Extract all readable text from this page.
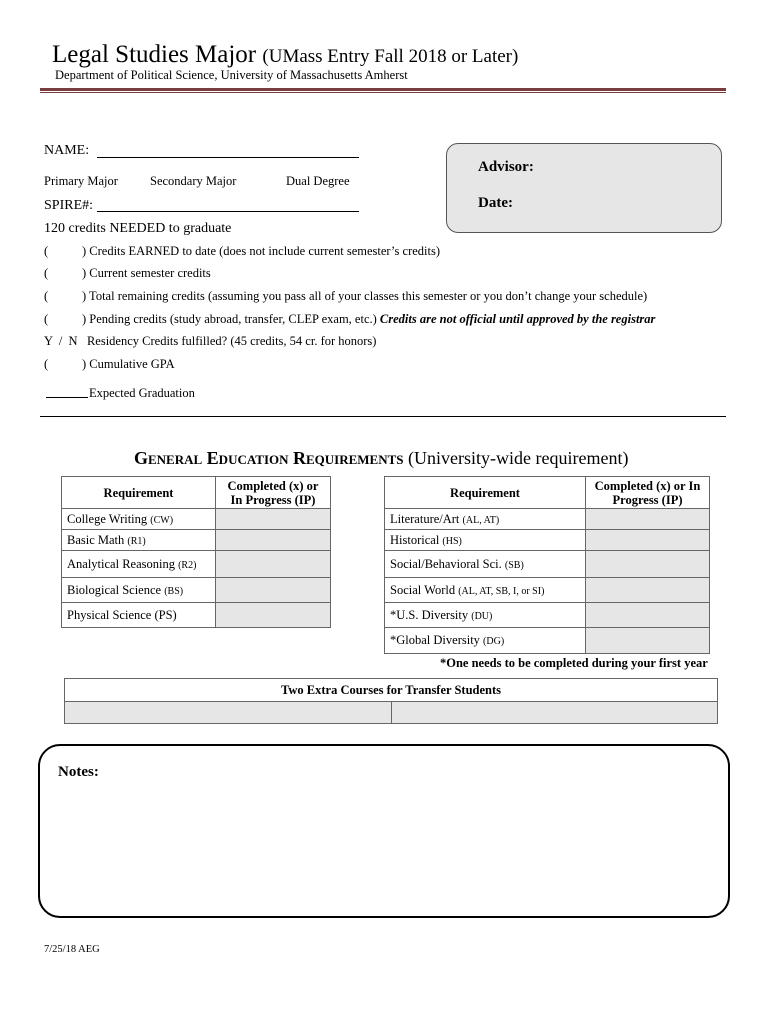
Legal Studies Major (UMass Entry Fall 2018 or Later)
Department of Political Science, University of Massachusetts Amherst
NAME:
Primary Major	Secondary Major	Dual Degree
SPIRE#:
120 credits NEEDED to graduate
Advisor:
Date:
(	) Credits EARNED to date (does not include current semester’s credits)
(	) Current semester credits
(	) Total remaining credits (assuming you pass all of your classes this semester or you don’t change your schedule)
(	) Pending credits (study abroad, transfer, CLEP exam, etc.) Credits are not official until approved by the registrar
Y  /  N Residency Credits fulfilled? (45 credits, 54 cr. for honors)
(	) Cumulative GPA
Expected Graduation
General Education Requirements (University-wide requirement)
Requirement	Completed (x) or In Progress (IP)
College Writing (CW)	
Basic Math (R1)	
Analytical Reasoning (R2)	
Biological Science (BS)	
Physical Science (PS)	
Requirement	Completed (x) or In Progress (IP)
Literature/Art (AL, AT)	
Historical (HS)	
Social/Behavioral Sci. (SB)	
Social World (AL, AT, SB, I, or SI)	
*U.S. Diversity (DU)	
*Global Diversity (DG)	
*One needs to be completed during your first year
Two Extra Courses for Transfer Students

Notes:
7/25/18 AEG
